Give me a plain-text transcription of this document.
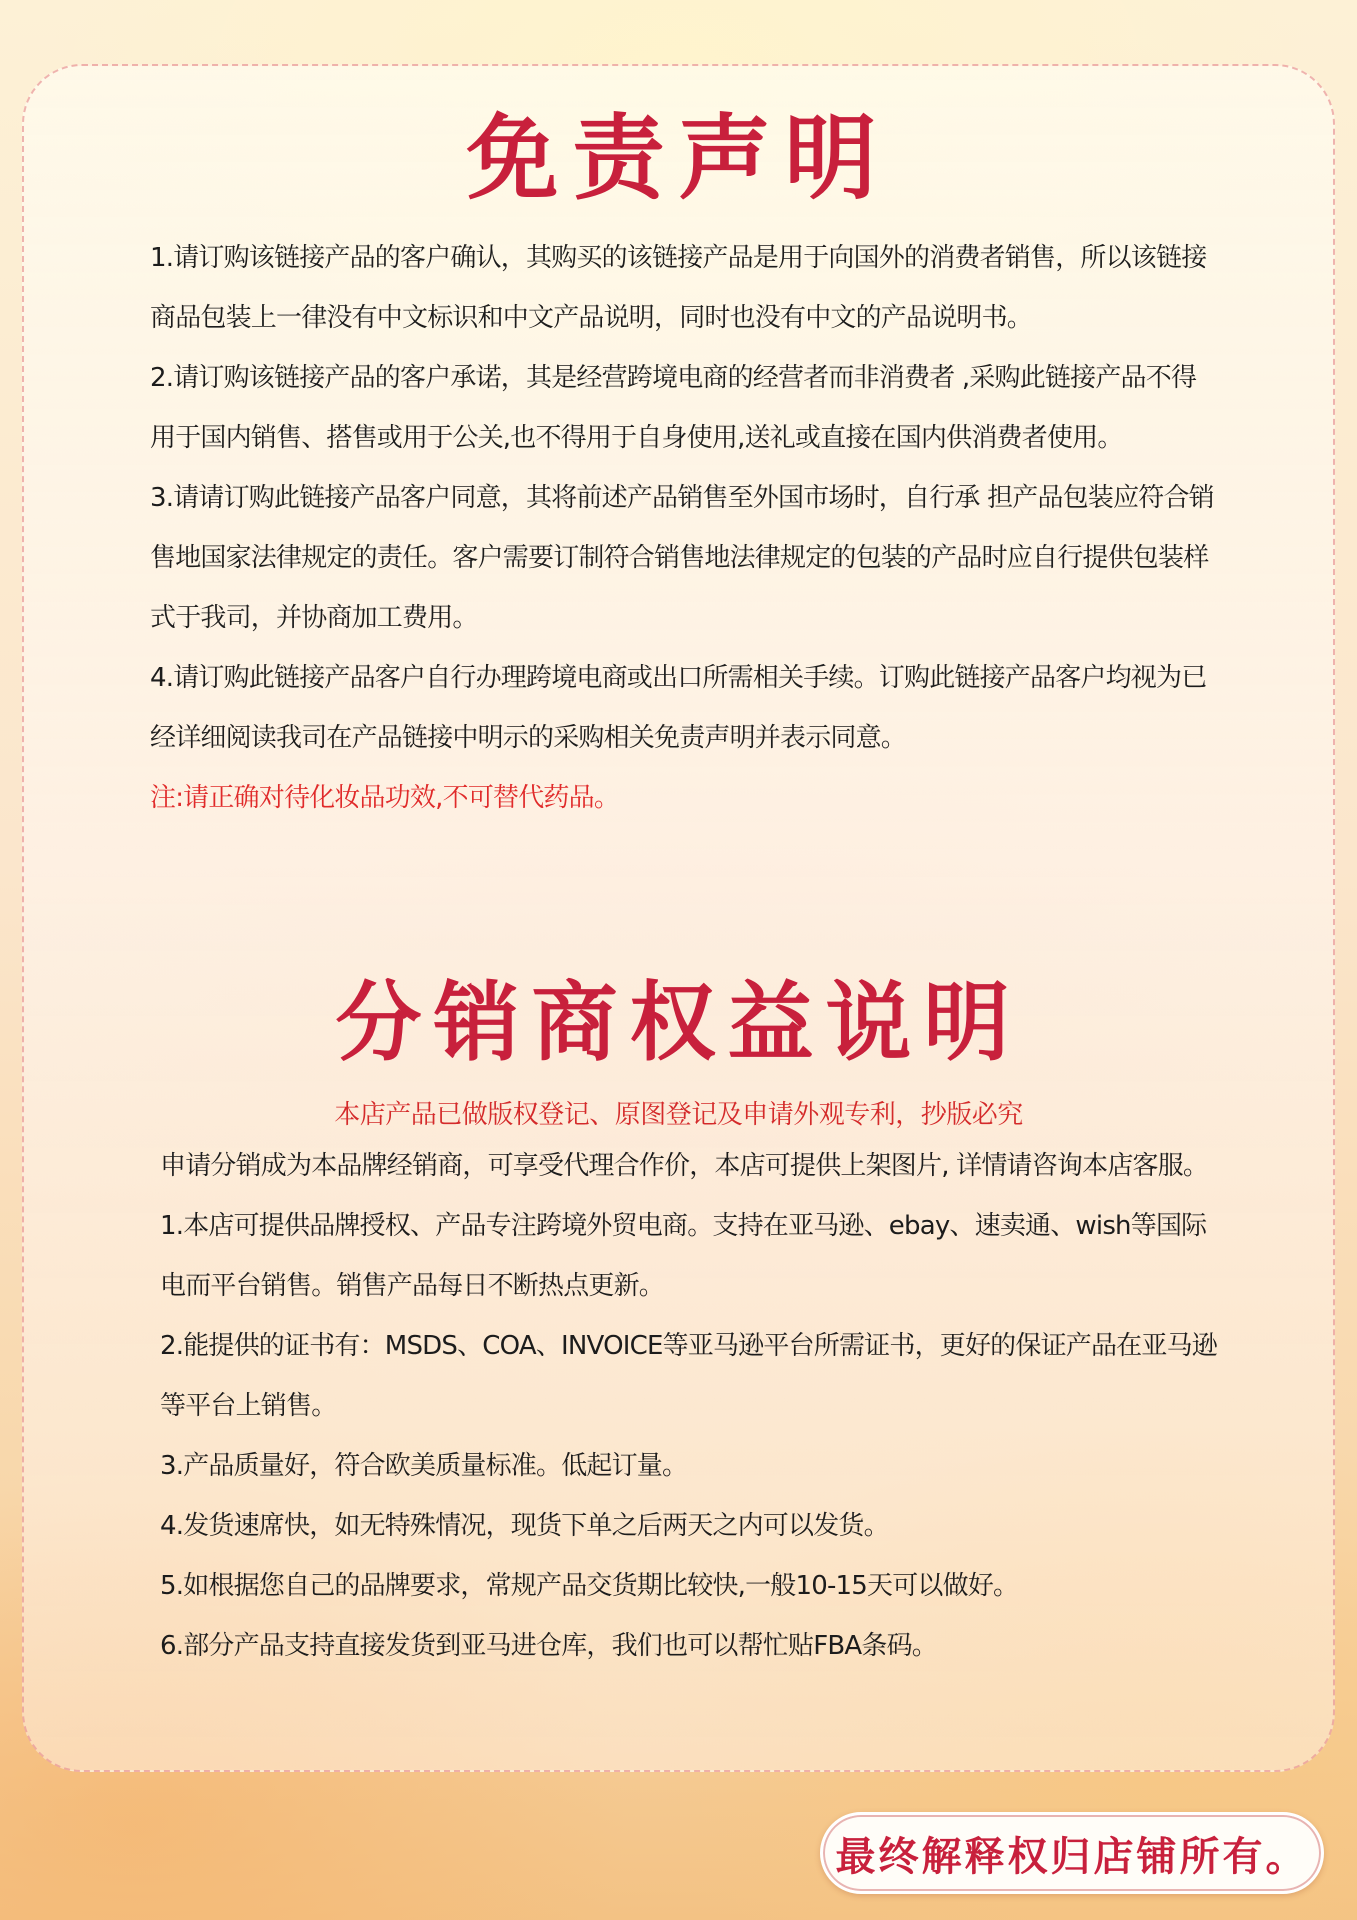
免责声明

1.请订购该链接产品的客户确认，其购买的该链接产品是用于向国外的消费者销售，所以该链接商品包装上一律没有中文标识和中文产品说明，同时也没有中文的产品说明书。

2.请订购该链接产品的客户承诺，其是经营跨境电商的经营者而非消费者 ,采购此链接产品不得用于国内销售、搭售或用于公关,也不得用于自身使用,送礼或直接在国内供消费者使用。

3.请请订购此链接产品客户同意，其将前述产品销售至外国市场时，自行承 担产品包装应符合销售地国家法律规定的责任。客户需要订制符合销售地法律规定的包装的产品时应自行提供包装样式于我司，并协商加工费用。

4.请订购此链接产品客户自行办理跨境电商或出口所需相关手续。订购此链接产品客户均视为已经详细阅读我司在产品链接中明示的采购相关免责声明并表示同意。

注:请正确对待化妆品功效,不可替代药品。

分销商权益说明

本店产品已做版权登记、原图登记及申请外观专利，抄版必究

申请分销成为本品牌经销商，可享受代理合作价，本店可提供上架图片, 详情请咨询本店客服。

1.本店可提供品牌授权、产品专注跨境外贸电商。支持在亚马逊、ebay、速卖通、wish等国际电而平台销售。销售产品每日不断热点更新。

2.能提供的证书有：MSDS、COA、INVOICE等亚马逊平台所需证书，更好的保证产品在亚马逊等平台上销售。

3.产品质量好，符合欧美质量标准。低起订量。

4.发货速席快，如无特殊情况，现货下单之后两天之内可以发货。

5.如根据您自己的品牌要求，常规产品交货期比较快,一般10-15天可以做好。

6.部分产品支持直接发货到亚马进仓库，我们也可以帮忙贴FBA条码。

最终解释权归店铺所有。
